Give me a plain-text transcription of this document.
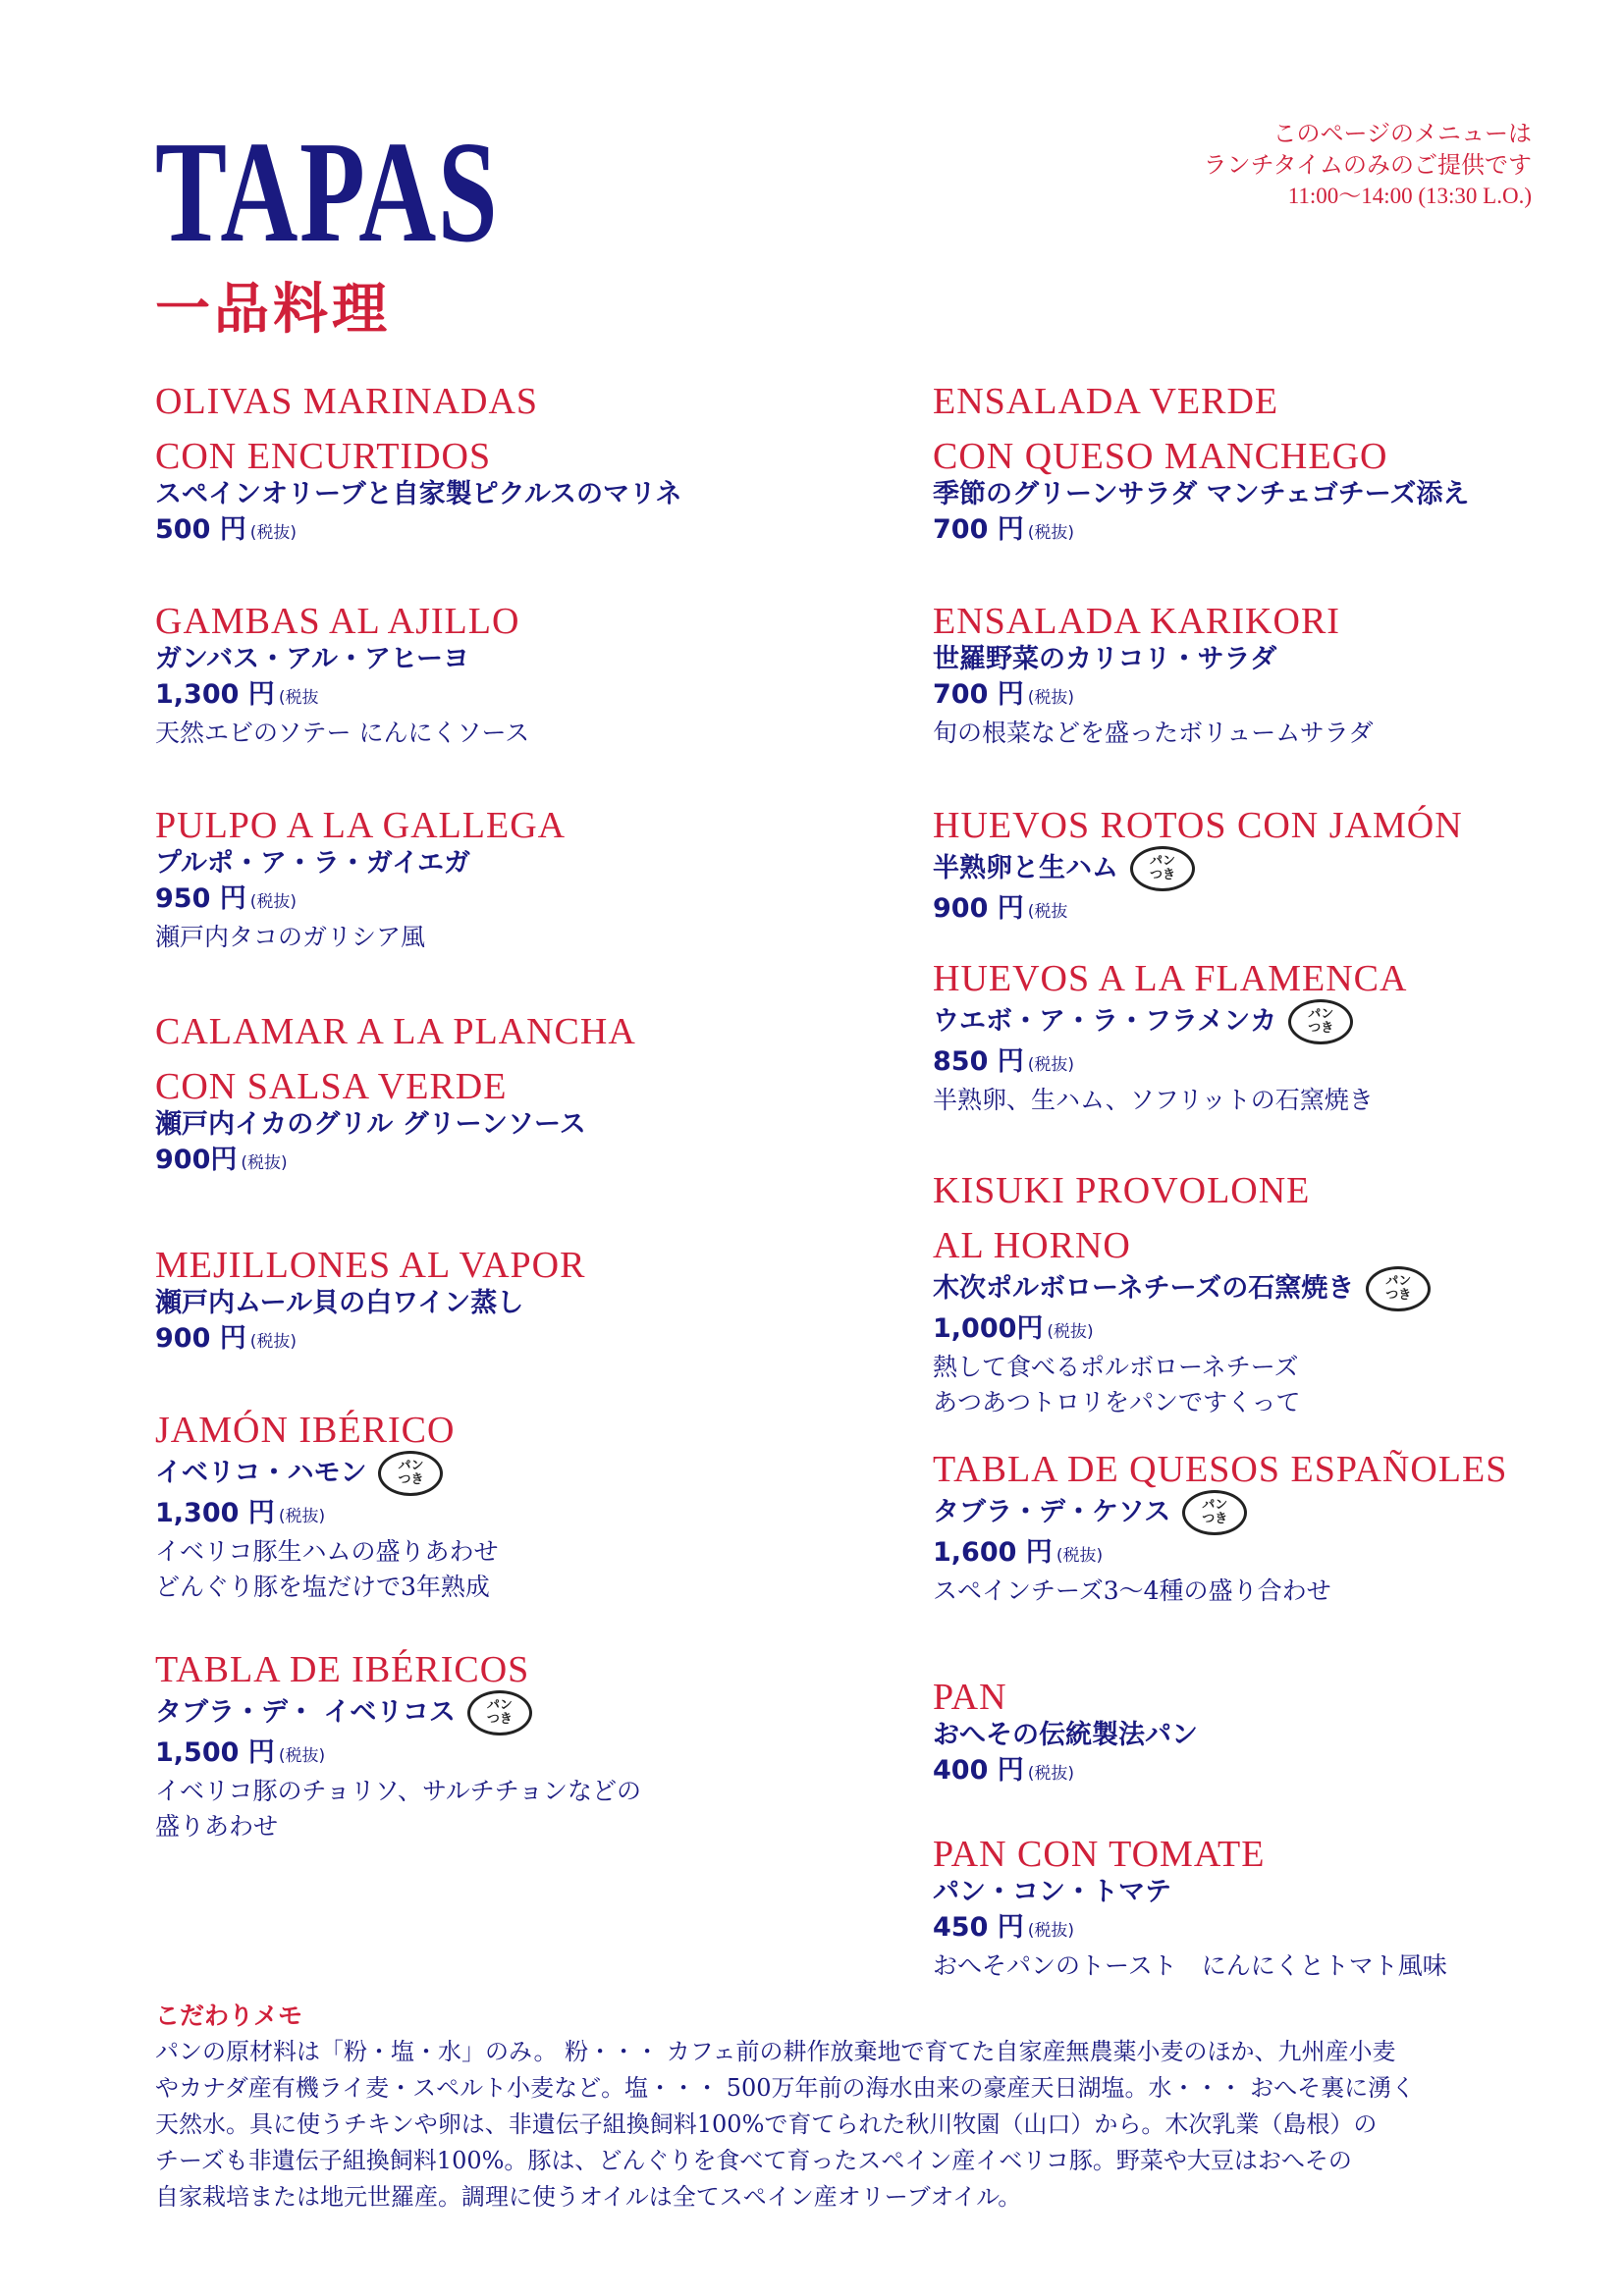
TAPAS
一品料理
このページのメニューは
ランチタイムのみのご提供です
11:00〜14:00 (13:30 L.O.)
OLIVAS MARINADAS
CON ENCURTIDOS
スペインオリーブと自家製ピクルスのマリネ
500 円 (税抜)
GAMBAS AL AJILLO
ガンバス・アル・アヒーヨ
1,300 円 (税抜
天然エビのソテー にんにくソース
PULPO A LA GALLEGA
プルポ・ア・ラ・ガイエガ
950 円 (税抜)
瀬戸内タコのガリシア風
CALAMAR A LA PLANCHA
CON SALSA VERDE
瀬戸内イカのグリル グリーンソース
900円 (税抜)
MEJILLONES AL VAPOR
瀬戸内ムール貝の白ワイン蒸し
900 円 (税抜)
JAMÓN IBÉRICO
イベリコ・ハモン パン
つき
1,300 円 (税抜)
イベリコ豚生ハムの盛りあわせ
どんぐり豚を塩だけで3年熟成
TABLA DE IBÉRICOS
タブラ・デ・ イベリコス パン
つき
1,500 円 (税抜)
イベリコ豚のチョリソ、サルチチョンなどの
盛りあわせ
ENSALADA VERDE
CON QUESO MANCHEGO
季節のグリーンサラダ マンチェゴチーズ添え
700 円 (税抜)
ENSALADA KARIKORI
世羅野菜のカリコリ・サラダ
700 円 (税抜)
旬の根菜などを盛ったボリュームサラダ
HUEVOS ROTOS CON JAMÓN
半熟卵と生ハム パン
つき
900 円 (税抜
HUEVOS A LA FLAMENCA
ウエボ・ア・ラ・フラメンカ パン
つき
850 円 (税抜)
半熟卵、生ハム、ソフリットの石窯焼き
KISUKI PROVOLONE
AL HORNO
木次ポルボローネチーズの石窯焼き パン
つき
1,000円 (税抜)
熱して食べるポルボローネチーズ
あつあつトロリをパンですくって
TABLA DE QUESOS ESPAÑOLES
タブラ・デ・ケソス パン
つき
1,600 円 (税抜)
スペインチーズ3〜4種の盛り合わせ
PAN
おへその伝統製法パン
400 円 (税抜)
PAN CON TOMATE
パン・コン・トマテ
450 円 (税抜)
おへそパンのトースト　にんにくとトマト風味

こだわりメモ

パンの原材料は「粉・塩・水」のみ。 粉・・・ カフェ前の耕作放棄地で育てた自家産無農薬小麦のほか、九州産小麦
やカナダ産有機ライ麦・スペルト小麦など。塩・・・ 500万年前の海水由来の豪産天日湖塩。水・・・ おへそ裏に湧く
天然水。具に使うチキンや卵は、非遺伝子組換飼料100%で育てられた秋川牧園（山口）から。木次乳業（島根）の
チーズも非遺伝子組換飼料100%。豚は、どんぐりを食べて育ったスペイン産イベリコ豚。野菜や大豆はおへその
自家栽培または地元世羅産。調理に使うオイルは全てスペイン産オリーブオイル。
